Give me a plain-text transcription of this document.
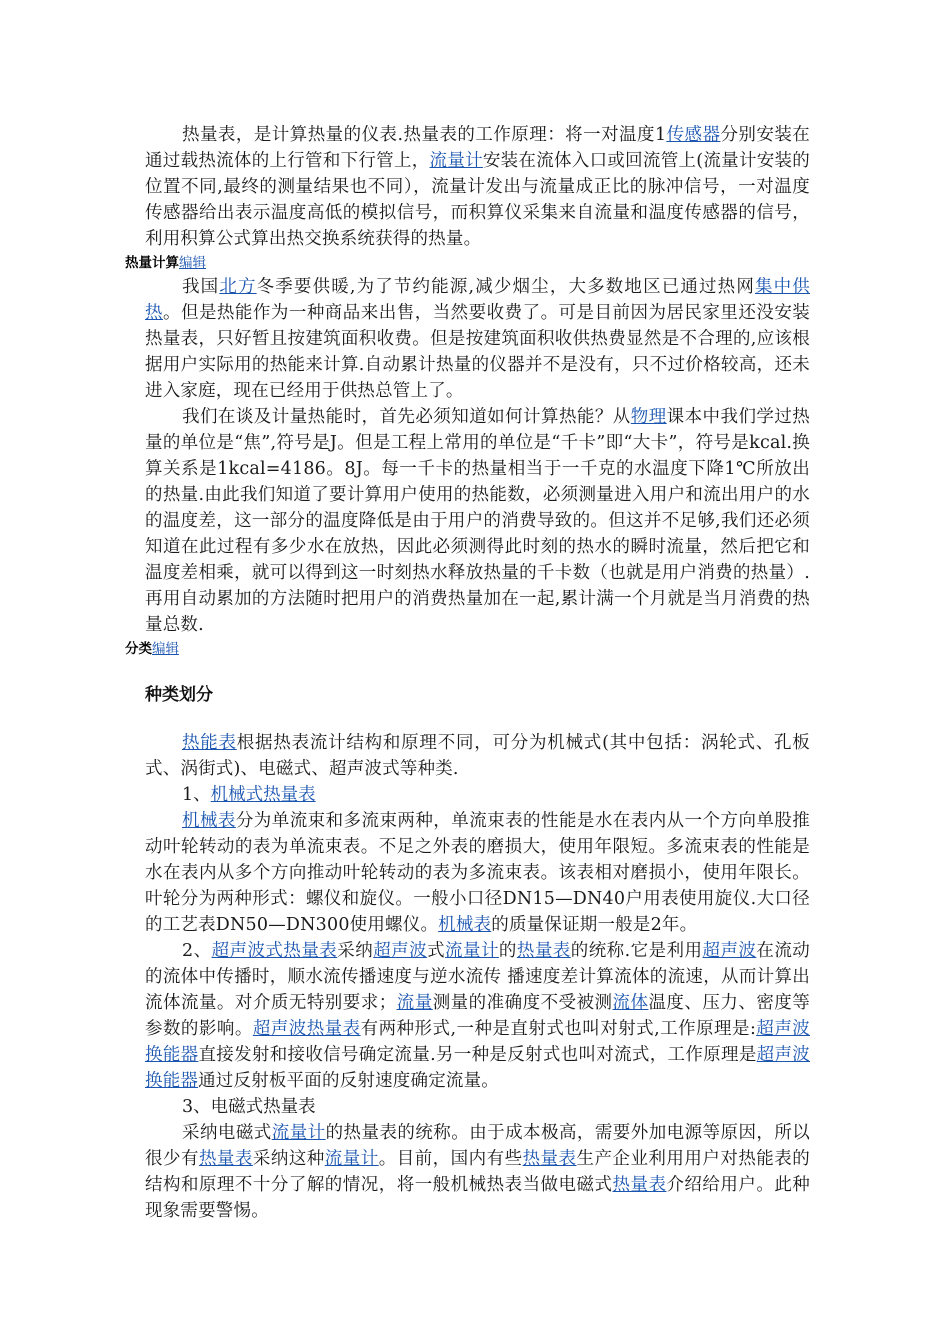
热量表，是计算热量的仪表.热量表的工作原理：将一对温度1传感器分别安装在通过载热流体的上行管和下行管上，流量计安装在流体入口或回流管上(流量计安装的位置不同,最终的测量结果也不同），流量计发出与流量成正比的脉冲信号，一对温度传感器给出表示温度高低的模拟信号，而积算仪采集来自流量和温度传感器的信号，利用积算公式算出热交换系统获得的热量。

热量计算编辑

我国北方冬季要供暖,为了节约能源,减少烟尘，大多数地区已通过热网集中供热。但是热能作为一种商品来出售，当然要收费了。可是目前因为居民家里还没安装热量表，只好暂且按建筑面积收费。但是按建筑面积收供热费显然是不合理的,应该根据用户实际用的热能来计算.自动累计热量的仪器并不是没有，只不过价格较高，还未进入家庭，现在已经用于供热总管上了。

我们在谈及计量热能时，首先必须知道如何计算热能？从物理课本中我们学过热量的单位是“焦”,符号是J。但是工程上常用的单位是“千卡”即“大卡”，符号是kcal.换算关系是1kcal=4186。8J。每一千卡的热量相当于一千克的水温度下降1℃所放出的热量.由此我们知道了要计算用户使用的热能数，必须测量进入用户和流出用户的水的温度差，这一部分的温度降低是由于用户的消费导致的。但这并不足够,我们还必须知道在此过程有多少水在放热，因此必须测得此时刻的热水的瞬时流量，然后把它和温度差相乘，就可以得到这一时刻热水释放热量的千卡数（也就是用户消费的热量）.再用自动累加的方法随时把用户的消费热量加在一起,累计满一个月就是当月消费的热量总数.

分类编辑
种类划分

热能表根据热表流计结构和原理不同，可分为机械式(其中包括：涡轮式、孔板式、涡街式)、电磁式、超声波式等种类.

1、机械式热量表

机械表分为单流束和多流束两种，单流束表的性能是水在表内从一个方向单股推动叶轮转动的表为单流束表。不足之外表的磨损大，使用年限短。多流束表的性能是水在表内从多个方向推动叶轮转动的表为多流束表。该表相对磨损小，使用年限长。叶轮分为两种形式：螺仪和旋仪。一般小口径DN15—DN40户用表使用旋仪.大口径的工艺表DN50—DN300使用螺仪。机械表的质量保证期一般是2年。

2、超声波式热量表采纳超声波式流量计的热量表的统称.它是利用超声波在流动的流体中传播时，顺水流传播速度与逆水流传 播速度差计算流体的流速，从而计算出流体流量。对介质无特别要求；流量测量的准确度不受被测流体温度、压力、密度等参数的影响。超声波热量表有两种形式,一种是直射式也叫对射式,工作原理是:超声波换能器直接发射和接收信号确定流量.另一种是反射式也叫对流式，工作原理是超声波换能器通过反射板平面的反射速度确定流量。

3、电磁式热量表

采纳电磁式流量计的热量表的统称。由于成本极高，需要外加电源等原因，所以很少有热量表采纳这种流量计。目前，国内有些热量表生产企业利用用户对热能表的结构和原理不十分了解的情况，将一般机械热表当做电磁式热量表介绍给用户。此种现象需要警惕。
